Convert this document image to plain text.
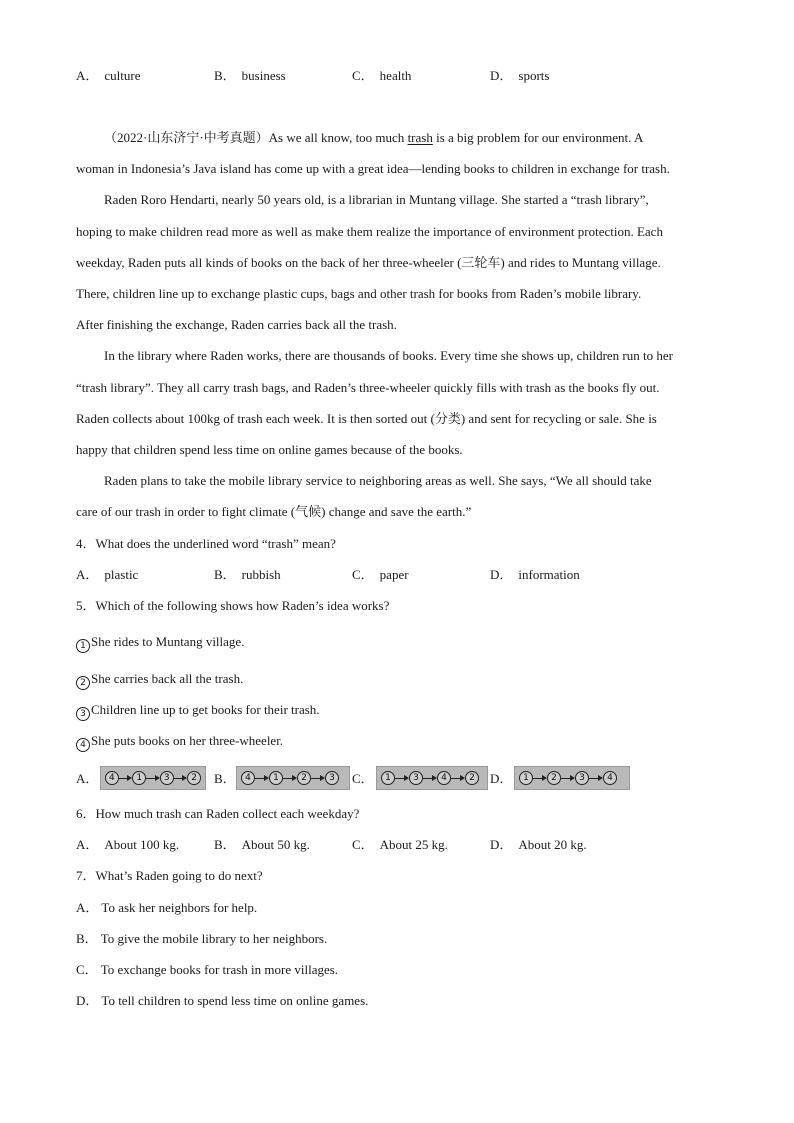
A． culture	B． business	C． health	D． sports
（2022·山东济宁·中考真题）As we all know, too much trash is a big problem for our environment. A
woman in Indonesia’s Java island has come up with a great idea—lending books to children in exchange for trash.
Raden Roro Hendarti, nearly 50 years old, is a librarian in Muntang village. She started a “trash library”,
hoping to make children read more as well as make them realize the importance of environment protection. Each
weekday, Raden puts all kinds of books on the back of her three-wheeler (三轮车) and rides to Muntang village.
There, children line up to exchange plastic cups, bags and other trash for books from Raden’s mobile library.
After finishing the exchange, Raden carries back all the trash.
In the library where Raden works, there are thousands of books. Every time she shows up, children run to her
“trash library”. They all carry trash bags, and Raden’s three-wheeler quickly fills with trash as the books fly out.
Raden collects about 100kg of trash each week. It is then sorted out (分类) and sent for recycling or sale. She is
happy that children spend less time on online games because of the books.
Raden plans to take the mobile library service to neighboring areas as well. She says, “We all should take
care of our trash in order to fight climate (气候) change and save the earth.”
4．What does the underlined word “trash” mean?
A． plastic	B． rubbish	C． paper	D． information
5．Which of the following shows how Raden’s idea works?
1 She rides to Muntang village.
2 She carries back all the trash.
3 Children line up to get books for their trash.
4 She puts books on her three-wheeler.
A．	4	1	3	2	B．	4	1	2	3	C．	1	3	4	2	D．	1	2	3	4
6．How much trash can Raden collect each weekday?
A． About 100 kg.	B． About 50 kg.	C． About 25 kg.	D． About 20 kg.
7．What’s Raden going to do next?
A． To ask her neighbors for help.
B． To give the mobile library to her neighbors.
C． To exchange books for trash in more villages.
D． To tell children to spend less time on online games.
